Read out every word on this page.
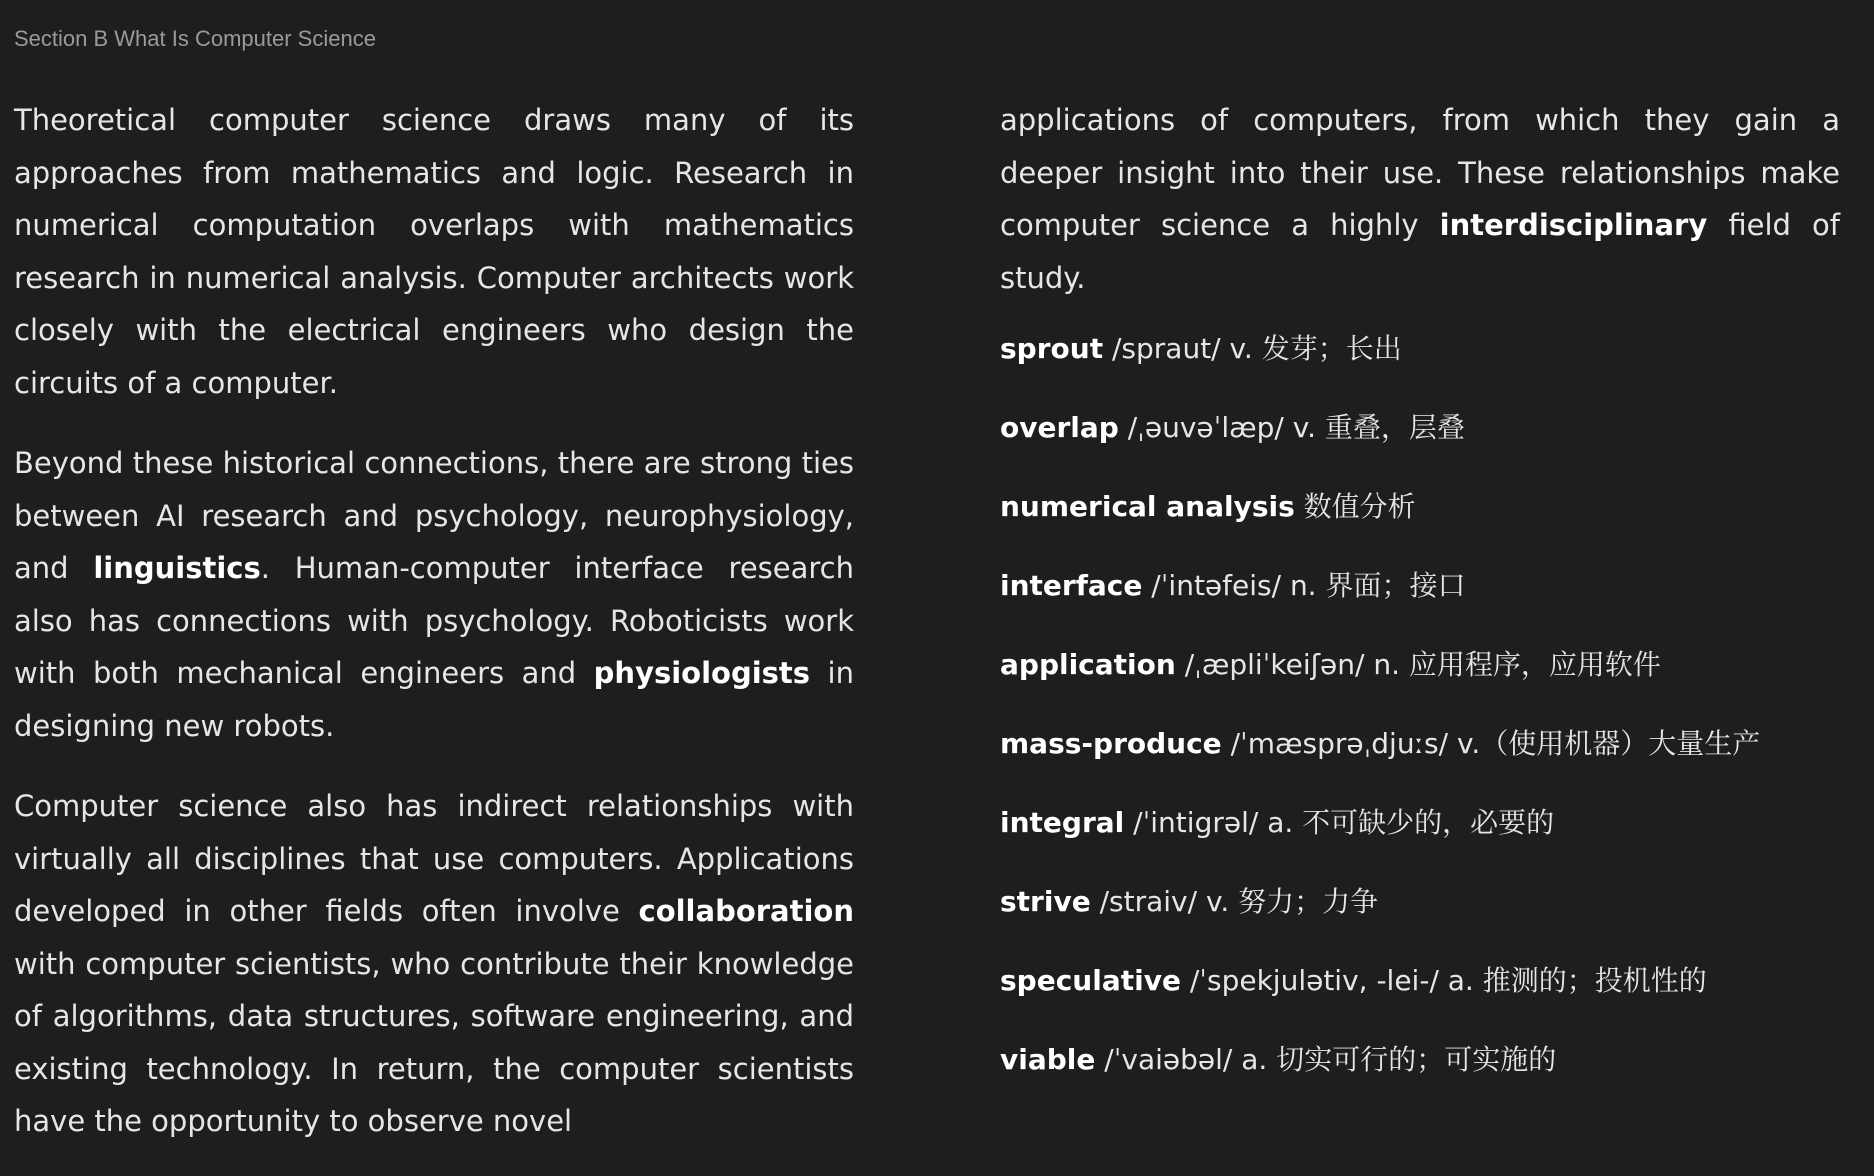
Section B What Is Computer Science

Theoretical computer science draws many of its approaches from mathematics and logic. Research in numerical computation overlaps with mathematics research in numerical analysis. Computer architects work closely with the electrical engineers who design the circuits of a computer.

Beyond these historical connections, there are strong ties between AI research and psychology, neurophysiology, and linguistics. Human-computer interface research also has connections with psychology. Roboticists work with both mechanical engineers and physiologists in designing new robots.

Computer science also has indirect relationships with virtually all disciplines that use computers. Applications developed in other fields often involve collaboration with computer scientists, who contribute their knowledge of algorithms, data structures, software engineering, and existing technology. In return, the computer scientists have the opportunity to observe novel

applications of computers, from which they gain a deeper insight into their use. These relationships make computer science a highly interdisciplinary field of study.

sprout /spraut/ v. 发芽；长出
overlap /ˌəuvəˈlæp/ v. 重叠，层叠
numerical analysis 数值分析
interface /ˈintəfeis/ n. 界面；接口
application /ˌæpliˈkeiʃən/ n. 应用程序，应用软件
mass-produce /ˈmæsprəˌdjuːs/ v.（使用机器）大量生产
integral /ˈintigrəl/ a. 不可缺少的，必要的
strive /straiv/ v. 努力；力争
speculative /ˈspekjulətiv, -lei-/ a. 推测的；投机性的
viable /ˈvaiəbəl/ a. 切实可行的；可实施的
